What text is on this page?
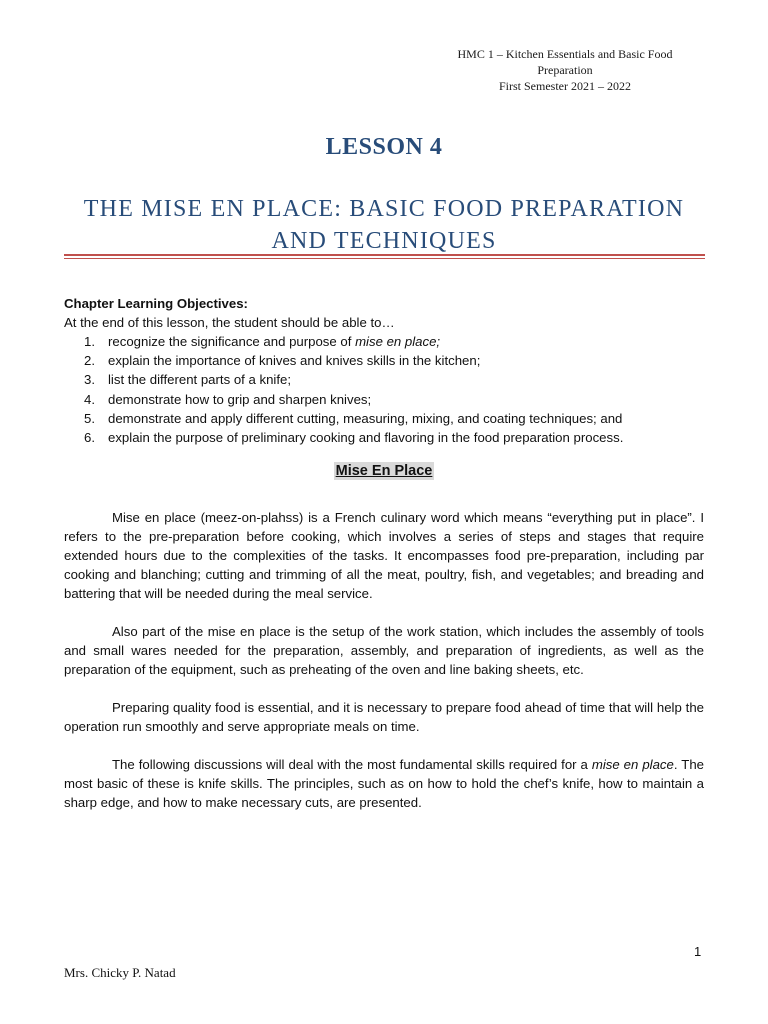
HMC 1 – Kitchen Essentials and Basic Food
Preparation
First Semester 2021 – 2022
LESSON 4
THE MISE EN PLACE: BASIC FOOD PREPARATION
AND TECHNIQUES
Chapter Learning Objectives:
At the end of this lesson, the student should be able to…
1. recognize the significance and purpose of mise en place;
2. explain the importance of knives and knives skills in the kitchen;
3. list the different parts of a knife;
4. demonstrate how to grip and sharpen knives;
5. demonstrate and apply different cutting, measuring, mixing, and coating techniques; and
6. explain the purpose of preliminary cooking and flavoring in the food preparation process.
Mise En Place

Mise en place (meez-on-plahss) is a French culinary word which means “everything put in place”. I refers to the pre-preparation before cooking, which involves a series of steps and stages that require extended hours due to the complexities of the tasks. It encompasses food pre-preparation, including par cooking and blanching; cutting and trimming of all the meat, poultry, fish, and vegetables; and breading and battering that will be needed during the meal service.

Also part of the mise en place is the setup of the work station, which includes the assembly of tools and small wares needed for the preparation, assembly, and preparation of ingredients, as well as the preparation of the equipment, such as preheating of the oven and line baking sheets, etc.

Preparing quality food is essential, and it is necessary to prepare food ahead of time that will help the operation run smoothly and serve appropriate meals on time.

The following discussions will deal with the most fundamental skills required for a mise en place. The most basic of these is knife skills. The principles, such as on how to hold the chef’s knife, how to maintain a sharp edge, and how to make necessary cuts, are presented.

1
Mrs. Chicky P. Natad
